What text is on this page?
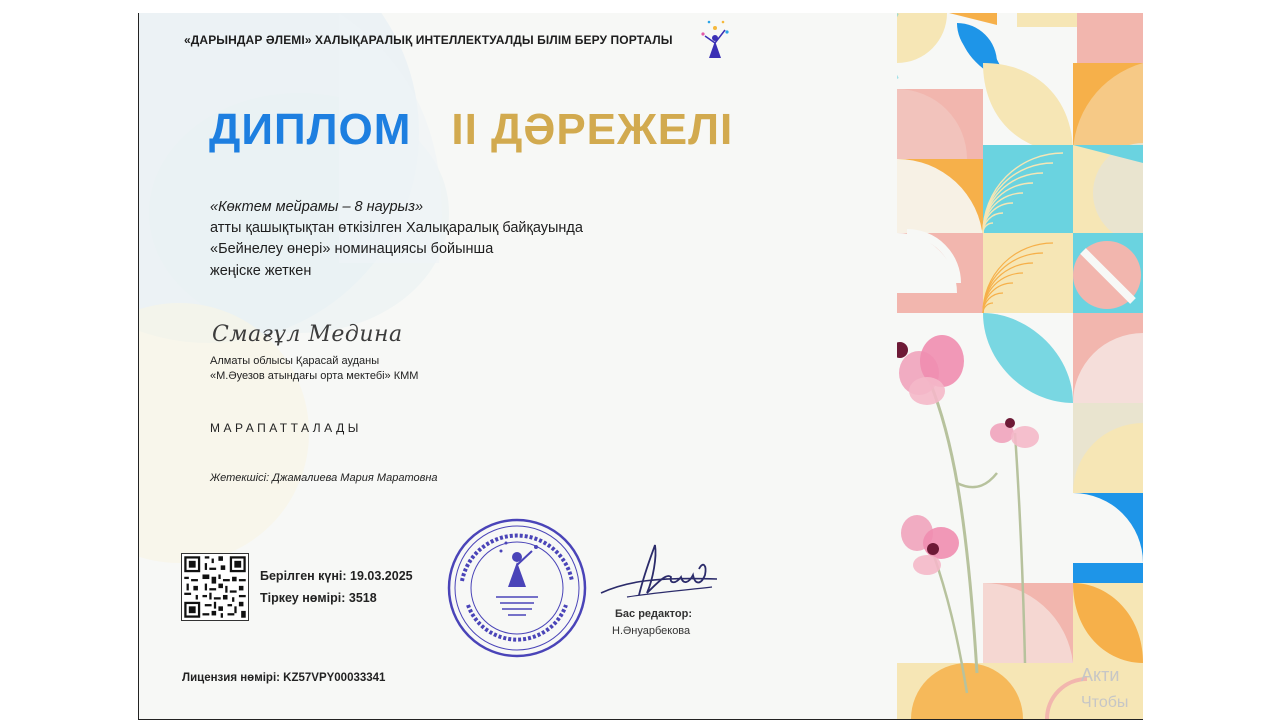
«ДАРЫНДАР ӘЛЕМІ» ХАЛЫҚАРАЛЫҚ ИНТЕЛЛЕКТУАЛДЫ БІЛІМ БЕРУ ПОРТАЛЫ
ДИПЛОМ II ДӘРЕЖЕЛІ
«Көктем мейрамы – 8 наурыз»
атты қашықтықтан өткізілген Халықаралық байқауында
«Бейнелеу өнері» номинациясы бойынша
жеңіске жеткен
Смағұл Медина
Алматы облысы Қарасай ауданы
«М.Әуезов атындағы орта мектебі» КММ
МАРАПАТТАЛАДЫ
Жетекшісі: Джамалиева Мария Маратовна
Берілген күні: 19.03.2025
Тіркеу нөмірі: 3518
Лицензия нөмірі: KZ57VPY00033341
Бас редактор:
Н.Әнуарбекова
Акти
Чтобы
